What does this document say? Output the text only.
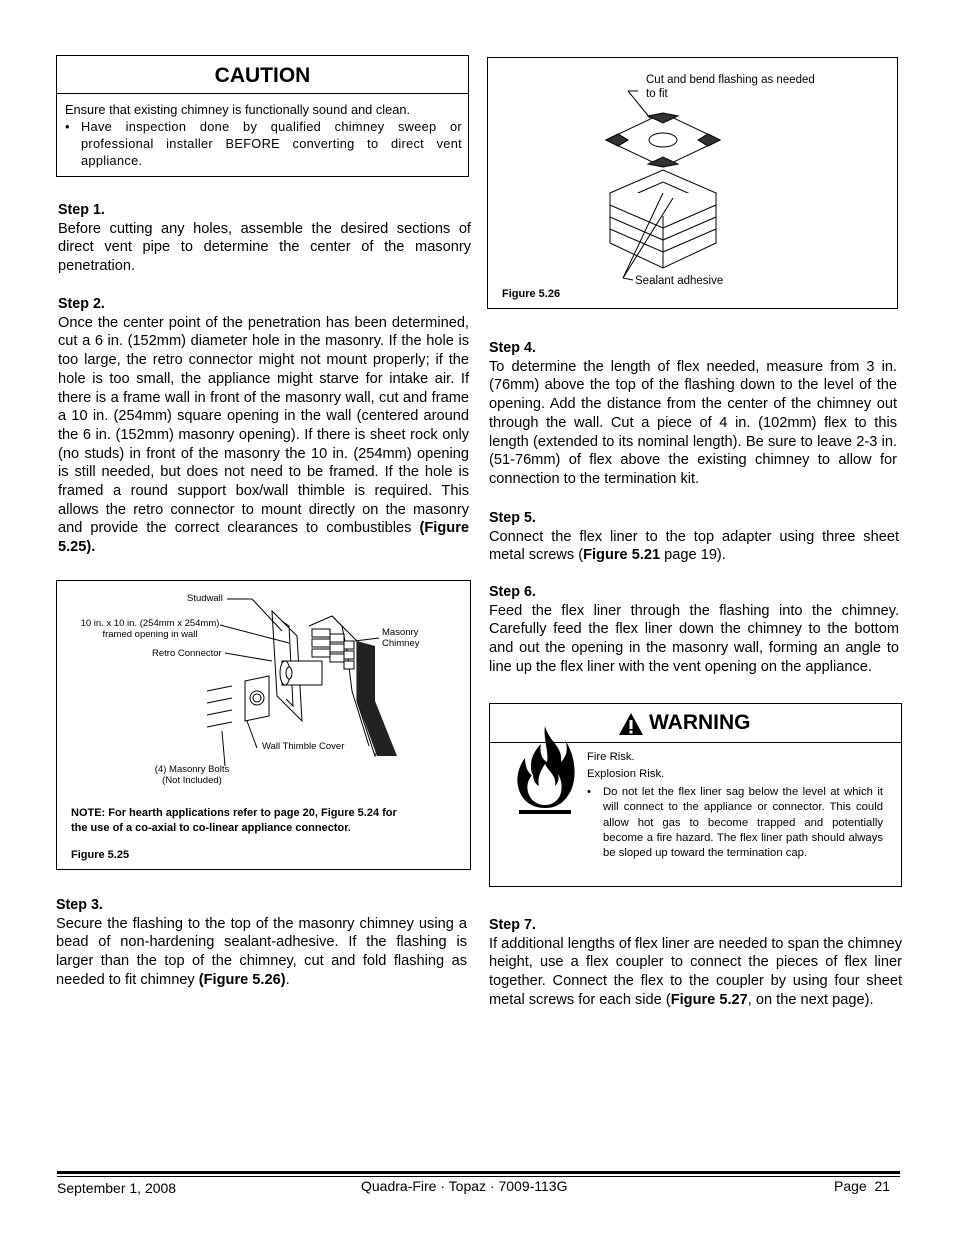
CAUTION
Ensure that existing chimney is functionally sound and clean.
• Have inspection done by qualified chimney sweep or professional installer BEFORE converting to direct vent appliance.

Step 1.

Before cutting any holes, assemble the desired sections of direct vent pipe to determine the center of the masonry penetration.

Step 2.

Once the center point of the penetration has been determined, cut a 6 in. (152mm) diameter hole in the masonry. If the hole is too large, the retro connector might not mount properly; if the hole is too small, the appliance might starve for intake air. If there is a frame wall in front of the masonry wall, cut and frame a 10 in. (254mm) square opening in the wall (centered around the 6 in. (152mm) masonry opening). If there is sheet rock only (no studs) in front of the masonry the 10 in. (254mm) opening is still needed, but does not need to be framed. If the hole is framed a round support box/wall thimble is required. This allows the retro connector to mount directly on the masonry and provide the correct clearances to combustibles (Figure 5.25).

Studwall
10 in. x 10 in. (254mm x 254mm)
framed opening in wall
Retro Connector
Masonry
Chimney
Wall Thimble Cover
(4) Masonry Bolts
(Not Included)
NOTE: For hearth applications refer to page 20, Figure 5.24 for
the use of a co-axial to co-linear appliance connector.
Figure 5.25

Step 3.

Secure the flashing to the top of the masonry chimney using a bead of non-hardening sealant-adhesive. If the flashing is larger than the top of the chimney, cut and fold flashing as needed to fit chimney (Figure 5.26).

Cut and bend flashing as needed
to fit
Sealant adhesive
Figure 5.26

Step 4.

To determine the length of flex needed, measure from 3 in. (76mm) above the top of the flashing down to the level of the opening. Add the distance from the center of the chimney out through the wall. Cut a piece of 4 in. (102mm) flex to this length (extended to its nominal length). Be sure to leave 2-3 in. (51-76mm) of flex above the existing chimney to allow for connection to the termination kit.

Step 5.

Connect the flex liner to the top adapter using three sheet metal screws (Figure 5.21 page 19).

Step 6.

Feed the flex liner through the flashing into the chimney. Carefully feed the flex liner down the chimney to the bottom and out the opening in the masonry wall, forming an angle to line up the flex liner with the vent opening on the appliance.

WARNING
Fire Risk.
Explosion Risk.
• Do not let the flex liner sag below the level at which it will connect to the appliance or connector. This could allow hot gas to become trapped and potentially become a fire hazard. The flex liner path should always be sloped up toward the termination cap.

Step 7.

If additional lengths of flex liner are needed to span the chimney height, use a flex coupler to connect the pieces of flex liner together. Connect the flex to the coupler by using four sheet metal screws for each side (Figure 5.27, on the next page).

September 1, 2008	Quadra-Fire · Topaz · 7009-113G	Page  21
